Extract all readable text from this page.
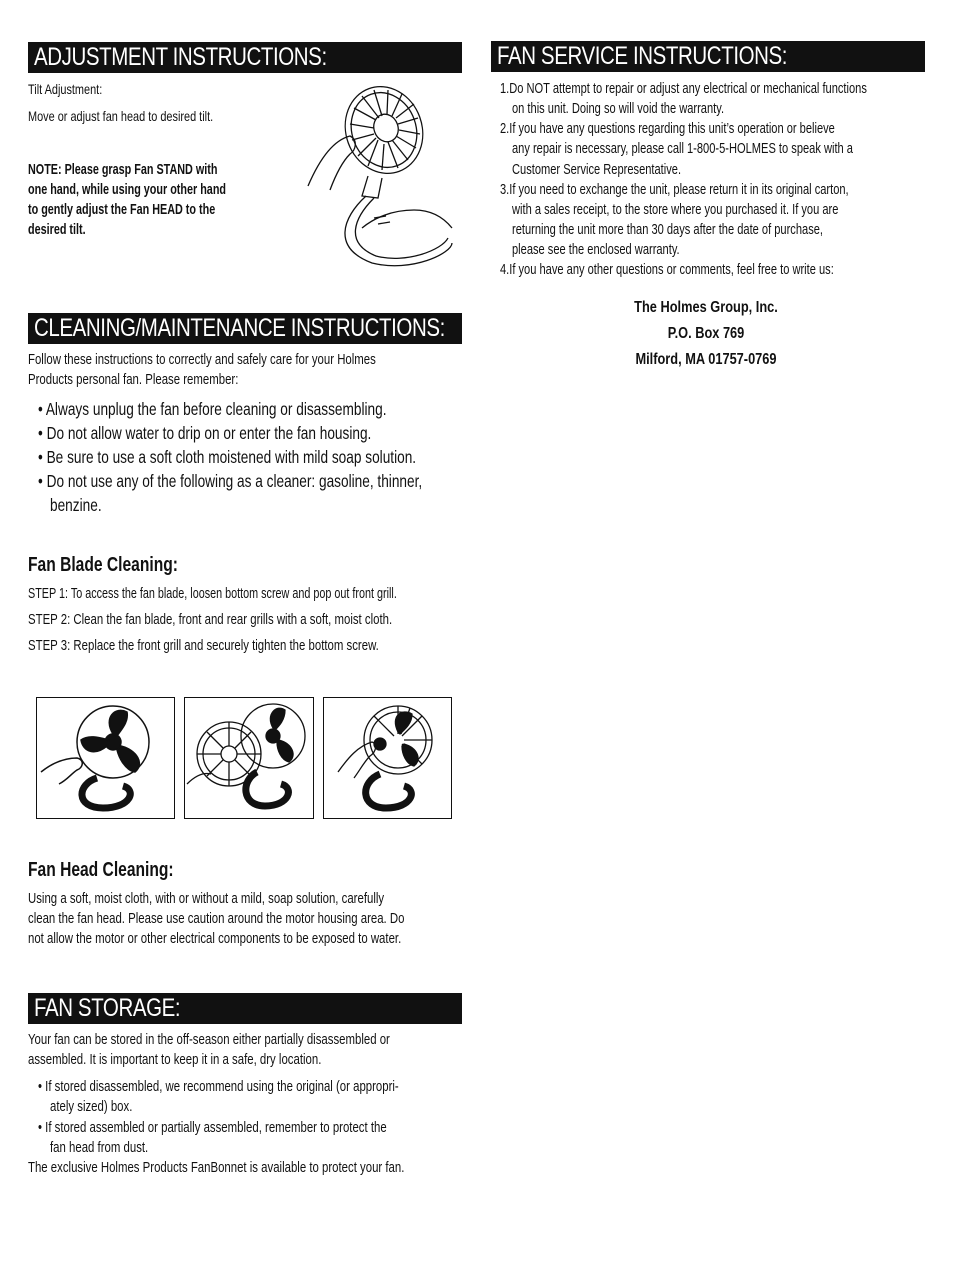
ADJUSTMENT INSTRUCTIONS:
Tilt Adjustment:
Move or adjust fan head to desired tilt.
NOTE: Please grasp Fan STAND with
one hand, while using your other hand
to gently adjust the Fan HEAD to the
desired tilt.
CLEANING/MAINTENANCE INSTRUCTIONS:
Follow these instructions to correctly and safely care for your Holmes
Products personal fan. Please remember:
• Always unplug the fan before cleaning or disassembling.
• Do not allow water to drip on or enter the fan housing.
• Be sure to use a soft cloth moistened with mild soap solution.
• Do not use any of the following as a cleaner: gasoline, thinner,
benzine.
Fan Blade Cleaning:
STEP 1: To access the fan blade, loosen bottom screw and pop out front grill.
STEP 2: Clean the fan blade, front and rear grills with a soft, moist cloth.
STEP 3: Replace the front grill and securely tighten the bottom screw.
Fan Head Cleaning:
Using a soft, moist cloth, with or without a mild, soap solution, carefully
clean the fan head. Please use caution around the motor housing area. Do
not allow the motor or other electrical components to be exposed to water.
FAN STORAGE:
Your fan can be stored in the off-season either partially disassembled or
assembled. It is important to keep it in a safe, dry location.
• If stored disassembled, we recommend using the original (or appropri-
ately sized) box.
• If stored assembled or partially assembled, remember to protect the
fan head from dust.
The exclusive Holmes Products FanBonnet is available to protect your fan.
FAN SERVICE INSTRUCTIONS:
1.Do NOT attempt to repair or adjust any electrical or mechanical functions
on this unit. Doing so will void the warranty.
2.If you have any questions regarding this unit’s operation or believe
any repair is necessary, please call 1-800-5-HOLMES to speak with a
Customer Service Representative.
3.If you need to exchange the unit, please return it in its original carton,
with a sales receipt, to the store where you purchased it. If you are
returning the unit more than 30 days after the date of purchase,
please see the enclosed warranty.
4.If you have any other questions or comments, feel free to write us:
The Holmes Group, Inc.
P.O. Box 769
Milford, MA 01757-0769
